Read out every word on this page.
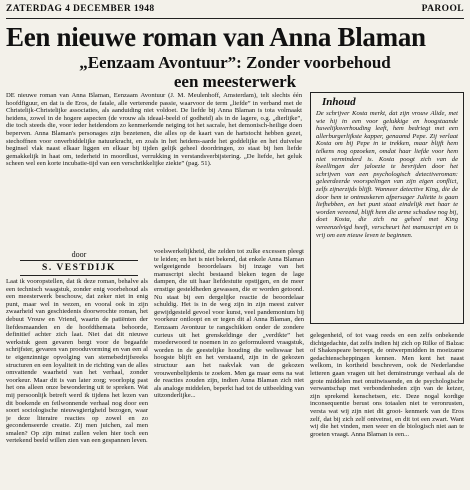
ZATERDAG 4 DECEMBER 1948	PAROOL
Een nieuwe roman van Anna Blaman
„Eenzaam Avontuur”: Zonder voorbehoud
een meesterwerk

DE nieuwe roman van Anna Blaman, Eenzaam Avontuur (J. M. Meulenhoff, Amsterdam), telt slechts één hoofdfiguur, en dat is de Eros, de fatale, alle verterende passie, waarvoor de term „liefde” in verband met de Christelijk-Christelijke associaties, als aanduiding niet voldoet. De liefde bij Anna Blaman is tota volmaakt heidens, zowel in de hogere aspecten (de vrouw als ideaal-beeld of godheid) als in de lagere, o.g. „dierlijke”, die toch steeds die, voor ieder heidendom zo kenmerkende neiging tot het sacrale, het demonisch-heilige doen beperven. Anna Blaman's personages zijn bezetenen, die alles op de kaart van de hartstocht hebben gezet, stechoffnen voor onverbiddelijke natuurkracht, en zoals in het heidens-aarde het goddelijke en het duivelse beginsel vlak naast elkaar liggen en elkaar bij tijden gelijk geheel doordringen, zo staat bij hen liefde gemakkelijk in haat om, tederheid in moordlust, verrukking in verstandsverbijstering. „De liefde, het geluk scheen wel een korte incubatie-tijd van een verschrikkelijke ziekte” (pag. 51).

Inhoud

De schrijver Kosta merkt, dat zijn vrouw Alide, met wie hij in een voor gelukkige en hoogstaande huwelijksverhouding leeft, hem bedriegt met een allerburgerlijkste kapper, genaamd Pepe. Zij verlaat Kosta om bij Pepe in te trekken, maar blijft hem telkens nog opzoeken, omdat haar liefde voor hem niet verminderd is. Kosta poogt zich van de kwellingen der jaloezie te bevrijden door het schrijven van een psychologisch detectiveroman: geleerdeerde voorspelingen van zijn eigen conflict, zelfs zijnerzijds blijft. Wanneer detective King, die de door hem te ontmaskeren afpersager Juliette is gaan liefhebben, en het punt staat eindelijk met haar te worden vereend, blijft hem die arme schaduw nog bij, doet Kosta, die zich na geheel met King vereenzelvigd heeft, verscheurt het manuscript en is vrij om een nieuw leven te beginnen.

door
S. VESTDIJK

Laat ik vooropstellen, dat ik deze roman, behalve als een technisch waagstuk, zonder enig voorbehoud als een meesterwerk beschouw, dat zeker niet in enig punt, maar wel in wezen, en vooral ook in zijn zwaarheid van geschiedenis doorwrochte roman, het debuut Vrouw en Vriend, waarin de patiënten der liefdesmaanden en de hoofdthemata behoorde, definitief achter zich laat. Niet dat dit nieuwe werkstuk geen gevaren bergt voor de begaafde schrijfster, gevaren van prooduvorming en van een al te eigenzinnige opvolging van stemebedrijfsreeks structuren en een loyaliteit in de richting van de alles omvattende waarheid van het verhaal, zonder voorkeur. Maar dit is van later zorg; voorlopig past het ons alleen onze bewondering uit te spreken. Wat mij persoonlijk betreft werd ik tijdens het lezen van dit boekende en feilwonnende verhaal nog door een soort sociologische nieuwsgierigheid bezogen, waar je deze literaire reacties op zowel en zo gecondenseerde creatie. Zij men juichen, zal men smalen? Op zijn minst zullen velen hier toch een vertekend beeld willen zien van een gespannen leven.

voelswerkelijkheid, die zelden tot zulke excessen pleegt te leiden; en het is niet bekend, dat enkele Anna Blaman welgeeigende beoordelaars bij inzage van het manuscript slecht bestaand bleken tegen de lage dampen, die uit haar liefdestuite opstijgen, en de meer ernstige gesteldheden gewassen, die er worden getoond. Nu staat bij een dergelijke reactie de beoordelaar schuldig. Het is in de weg zijn in zijn meest zuiver gewijdgesteld gevoel voor kunst, veel pandemonium bij voorkeur ontloopt en er tegen dit al Anna Blaman, den Eenzaam Avontuur te rangschikken onder de zondere curieus uit het grenskeldinge der „verdikte” het moederwoord te noemen in zo geformuleerd vraagstuk, worden in de geestelijke houding die weliswaar het hoogste blijft en het verstaand, zijn in de gekozen structuur aan het raakvlak van de gekozen vrouwenbelijdenis te zoeken. Men ga maar eens na wat de reacties zouden zijn, indien Anna Blaman zich niet als analoge middelen, beperkt had tot de uitbeelding van uitzonderlijke...

gelegenheid, of tot vaag reeds en een zelfs onbekende dichtgedachte, dat zelfs indien hij zich op Rilke of Balzac of Shakespeare beroept, de ontwerpmidden in moeizame gedachtenscheppingen kennen. Men kent het naast welkom, in kortheid beschreven, ook de Nederlandse letteren gaan vragen uit het deminstrunge verhaal als de grote middelen met onuitwissende, en de psychologische verwantschap met verbondenheden zijn van de keizer, zijn sprekend kenschetsen, etc. Deze nogal kordige inconsequentie berust ons totaalen niet te veronrusten, versta wat wij zijn niet dit groot- kenmerk van de Eros zelf, dat bij zich zelf ontveinst, en dit tot een zwart. Want wij die het vinden, men weer en de biologisch niet aan te groeten vraagt. Anna Blaman is een...
